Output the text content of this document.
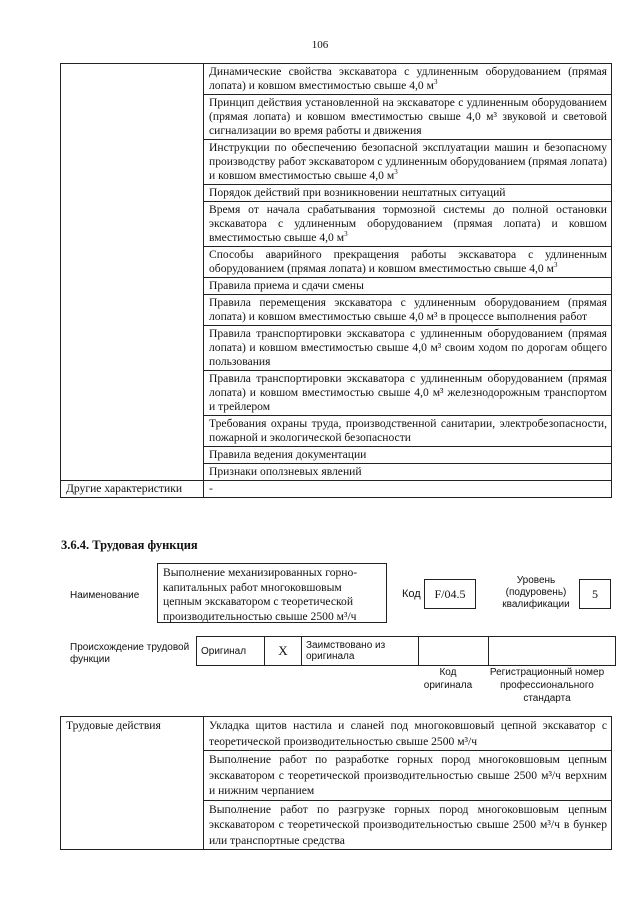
106
	Динамические свойства экскаватора с удлиненным оборудованием (прямая лопата) и ковшом вместимостью свыше 4,0 $м^3$
	Принцип действия установленной на экскаваторе с удлиненным оборудованием (прямая лопата) и ковшом вместимостью свыше 4,0 м³ звуковой и световой сигнализации во время работы и движения
	Инструкции по обеспечению безопасной эксплуатации машин и безопасному производству работ экскаватором с удлиненным оборудованием (прямая лопата) и ковшом вместимостью свыше 4,0 $м^3$
	Порядок действий при возникновении нештатных ситуаций
	Время от начала срабатывания тормозной системы до полной остановки экскаватора с удлиненным оборудованием (прямая лопата) и ковшом вместимостью свыше 4,0 $м^3$
	Способы аварийного прекращения работы экскаватора с удлиненным оборудованием (прямая лопата) и ковшом вместимостью свыше 4,0 $м^3$
	Правила приема и сдачи смены
	Правила перемещения экскаватора с удлиненным оборудованием (прямая лопата) и ковшом вместимостью свыше 4,0 м³ в процессе выполнения работ
	Правила транспортировки экскаватора с удлиненным оборудованием (прямая лопата) и ковшом вместимостью свыше 4,0 м³ своим ходом по дорогам общего пользования
	Правила транспортировки экскаватора с удлиненным оборудованием (прямая лопата) и ковшом вместимостью свыше 4,0 м³ железнодорожным транспортом и трейлером
	Требования охраны труда, производственной санитарии, электробезопасности, пожарной и экологической безопасности
	Правила ведения документации
	Признаки оползневых явлений
Другие характеристики	-
3.6.4. Трудовая функция
Наименование
Выполнение механизированных горно-капитальных работ многоковшовым цепным экскаватором с теоретической производительностью свыше 2500 м³/ч
Код	F/04.5
Уровень (подуровень) квалификации
5
Происхождение трудовой функции
Оригинал	X	Заимствовано из оригинала		
Код оригинала
Регистрационный номер профессионального стандарта
Трудовые действия	Укладка щитов настила и сланей под многоковшовый цепной экскаватор с теоретической производительностью свыше 2500 м³/ч
Выполнение работ по разработке горных пород многоковшовым цепным экскаватором с теоретической производительностью свыше 2500 м³/ч верхним и нижним черпанием
Выполнение работ по разгрузке горных пород многоковшовым цепным экскаватором с теоретической производительностью свыше 2500 м³/ч в бункер или транспортные средства
